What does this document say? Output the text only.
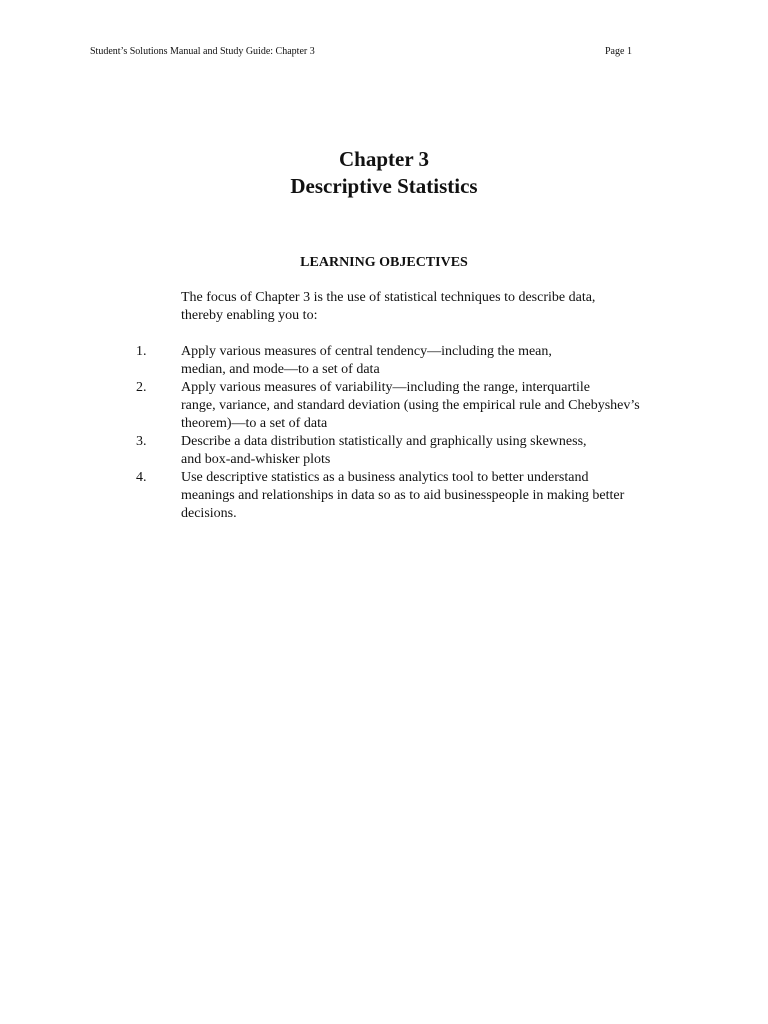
Student’s Solutions Manual and Study Guide: Chapter 3	Page 1
Chapter 3
Descriptive Statistics
LEARNING OBJECTIVES
The focus of Chapter 3 is the use of statistical techniques to describe data,
thereby enabling you to:
1. Apply various measures of central tendency—including the mean,
median, and mode—to a set of data
2. Apply various measures of variability—including the range, interquartile
range, variance, and standard deviation (using the empirical rule and Chebyshev’s
theorem)—to a set of data
3. Describe a data distribution statistically and graphically using skewness,
and box-and-whisker plots
4. Use descriptive statistics as a business analytics tool to better understand
meanings and relationships in data so as to aid businesspeople in making better
decisions.
